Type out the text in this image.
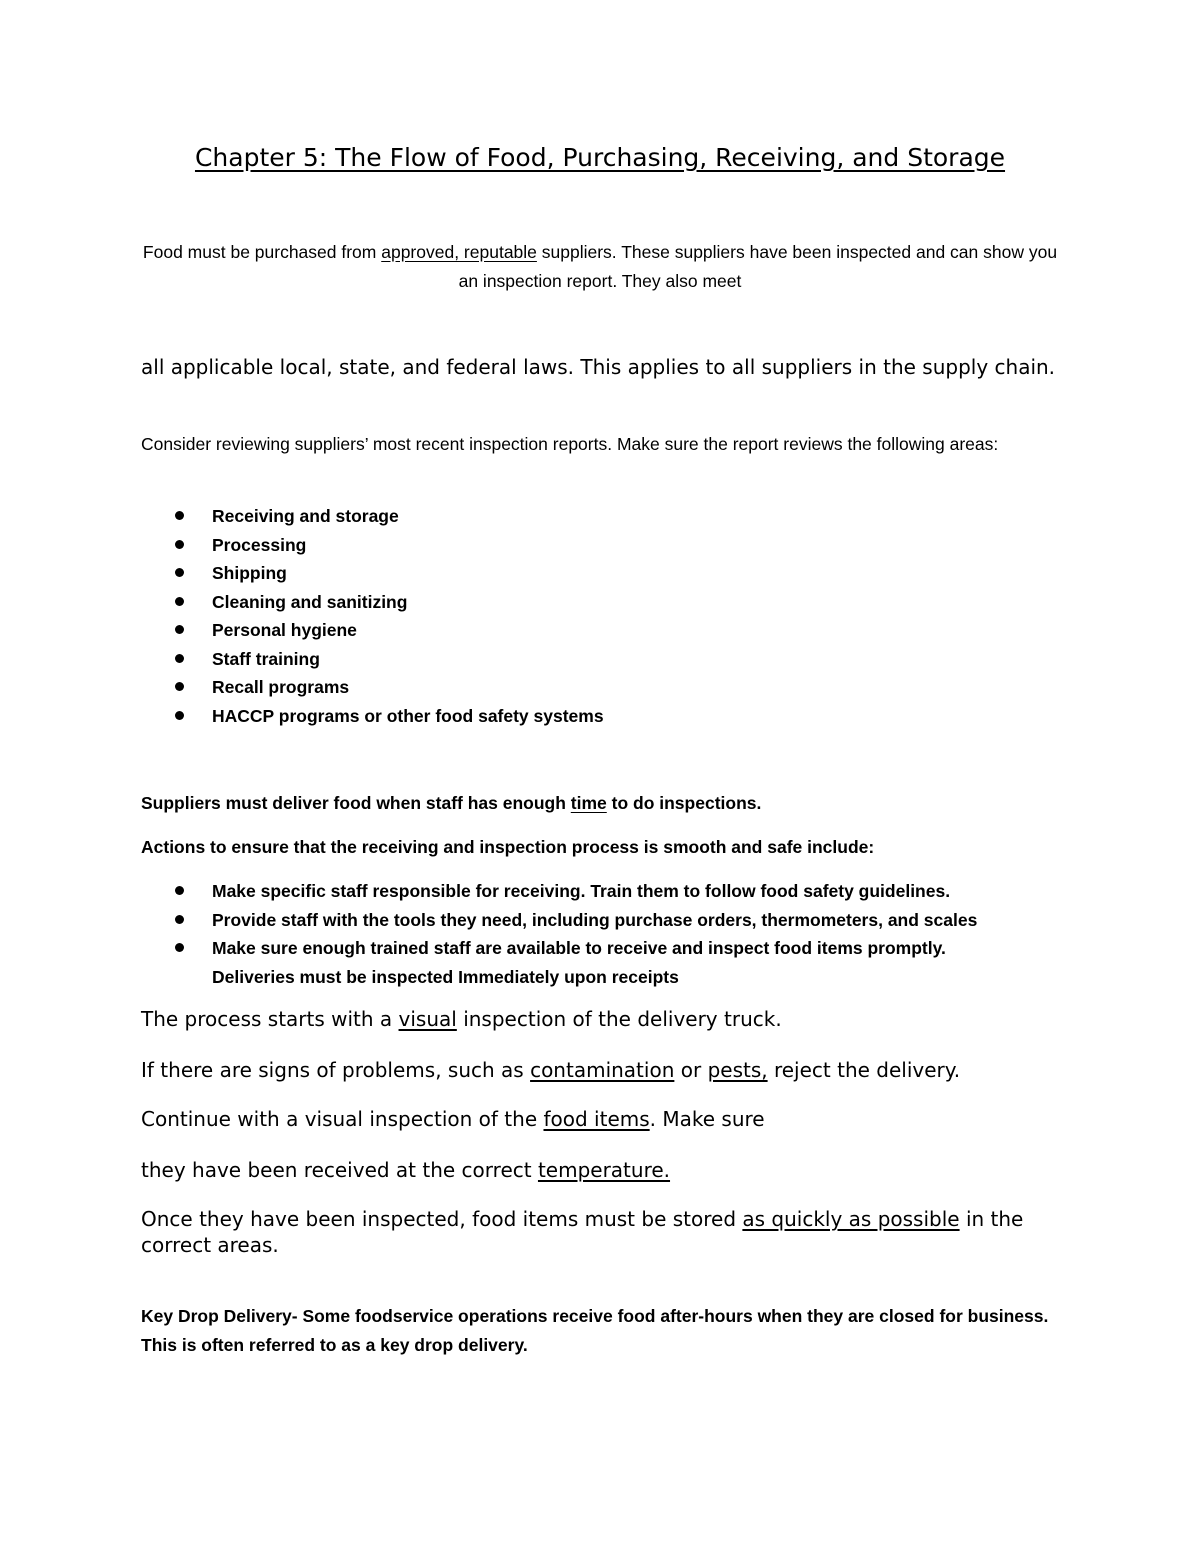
Chapter 5: The Flow of Food, Purchasing, Receiving, and Storage

Food must be purchased from approved, reputable suppliers. These suppliers have been inspected and can show you an inspection report. They also meet

all applicable local, state, and federal laws. This applies to all suppliers in the supply chain.

Consider reviewing suppliers’ most recent inspection reports. Make sure the report reviews the following areas:

Receiving and storage
Processing
Shipping
Cleaning and sanitizing
Personal hygiene
Staff training
Recall programs
HACCP programs or other food safety systems

Suppliers must deliver food when staff has enough time to do inspections.

Actions to ensure that the receiving and inspection process is smooth and safe include:

Make specific staff responsible for receiving. Train them to follow food safety guidelines.
Provide staff with the tools they need, including purchase orders, thermometers, and scales
Make sure enough trained staff are available to receive and inspect food items promptly. Deliveries must be inspected Immediately upon receipts

The process starts with a visual inspection of the delivery truck.

If there are signs of problems, such as contamination or pests, reject the delivery.

Continue with a visual inspection of the food items. Make sure

they have been received at the correct temperature.

Once they have been inspected, food items must be stored as quickly as possible in the correct areas.

Key Drop Delivery- Some foodservice operations receive food after-hours when they are closed for business. This is often referred to as a key drop delivery.
